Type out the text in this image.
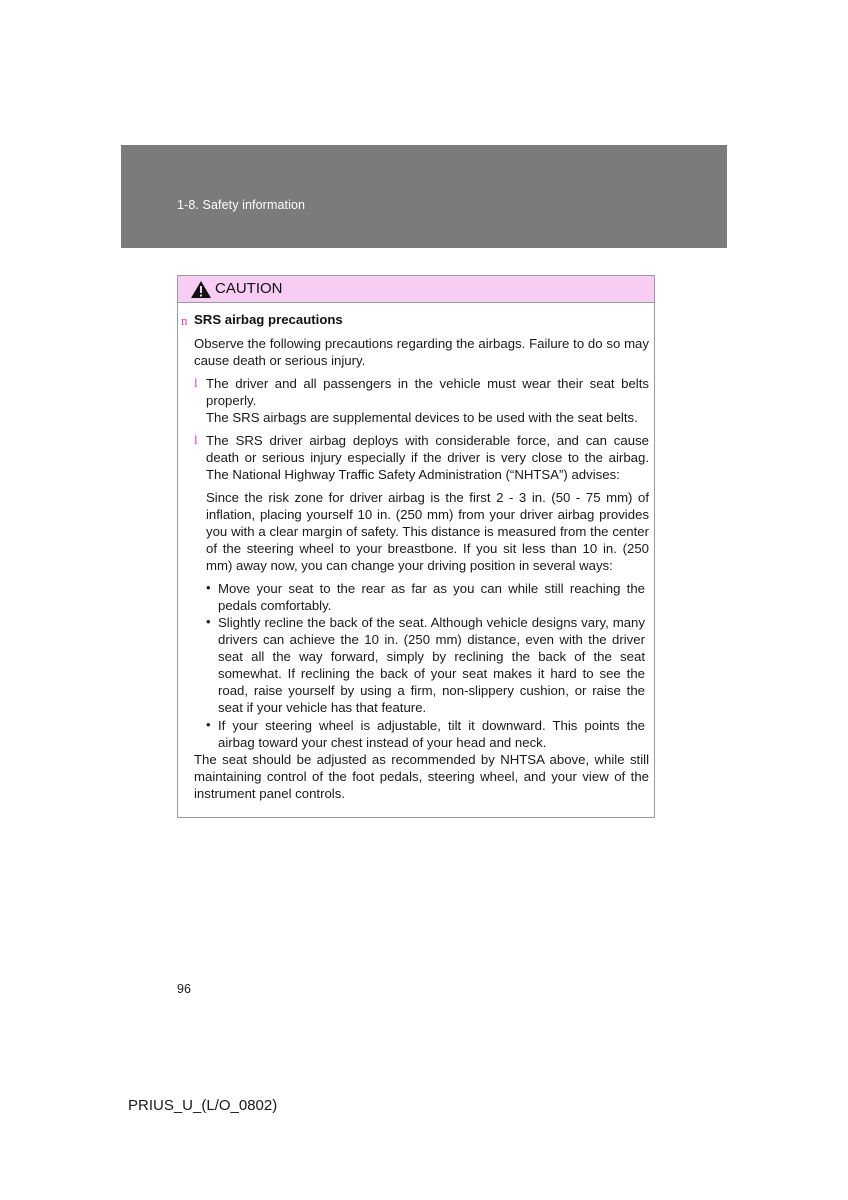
1-8. Safety information
CAUTION
n SRS airbag precautions
Observe the following precautions regarding the airbags. Failure to do so may cause death or serious injury.
l The driver and all passengers in the vehicle must wear their seat belts properly.
The SRS airbags are supplemental devices to be used with the seat belts.
l The SRS driver airbag deploys with considerable force, and can cause death or serious injury especially if the driver is very close to the airbag. The National Highway Traffic Safety Administration (“NHTSA”) advises:
Since the risk zone for driver airbag is the first 2 - 3 in. (50 - 75 mm) of inflation, placing yourself 10 in. (250 mm) from your driver airbag provides you with a clear margin of safety. This distance is measured from the center of the steering wheel to your breastbone. If you sit less than 10 in. (250 mm) away now, you can change your driving position in several ways:
• Move your seat to the rear as far as you can while still reaching the pedals comfortably.
• Slightly recline the back of the seat. Although vehicle designs vary, many drivers can achieve the 10 in. (250 mm) distance, even with the driver seat all the way forward, simply by reclining the back of the seat somewhat. If reclining the back of your seat makes it hard to see the road, raise yourself by using a firm, non-slippery cushion, or raise the seat if your vehicle has that feature.
• If your steering wheel is adjustable, tilt it downward. This points the airbag toward your chest instead of your head and neck.
The seat should be adjusted as recommended by NHTSA above, while still maintaining control of the foot pedals, steering wheel, and your view of the instrument panel controls.
96
PRIUS_U_(L/O_0802)
